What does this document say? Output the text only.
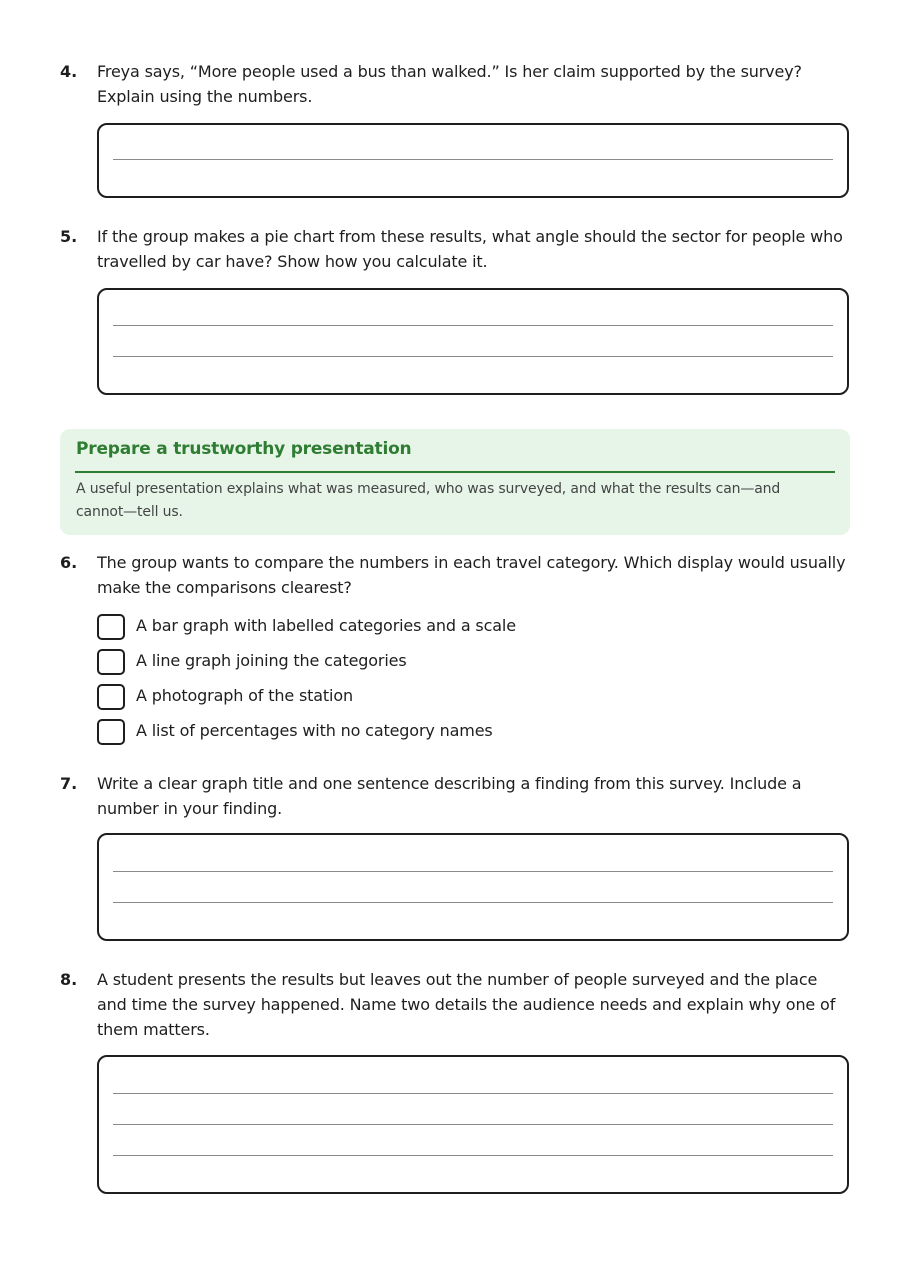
4. Freya says, “More people used a bus than walked.” Is her claim supported by the survey? Explain using the numbers.
5. If the group makes a pie chart from these results, what angle should the sector for people who travelled by car have? Show how you calculate it.
Prepare a trustworthy presentation
A useful presentation explains what was measured, who was surveyed, and what the results can—and cannot—tell us.
6. The group wants to compare the numbers in each travel category. Which display would usually make the comparisons clearest?
A bar graph with labelled categories and a scale
A line graph joining the categories
A photograph of the station
A list of percentages with no category names
7. Write a clear graph title and one sentence describing a finding from this survey. Include a number in your finding.
8. A student presents the results but leaves out the number of people surveyed and the place and time the survey happened. Name two details the audience needs and explain why one of them matters.
